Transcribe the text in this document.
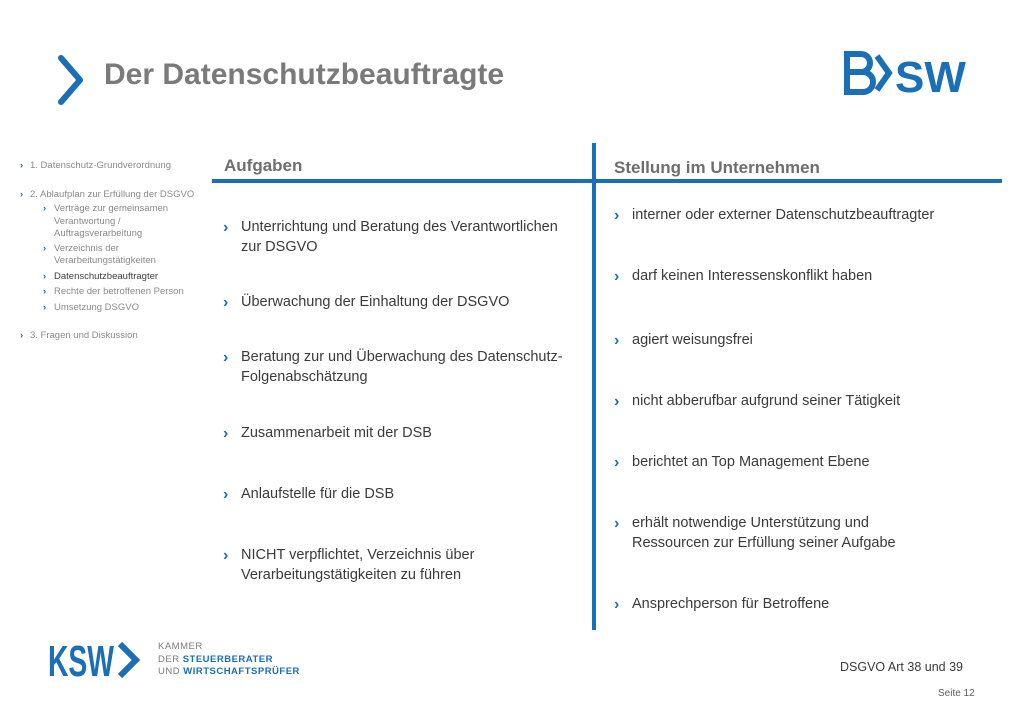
Der Datenschutzbeauftragte	SW
› 1. Datenschutz-Grundverordnung
› 2. Ablaufplan zur Erfüllung der DSGVO
› Verträge zur gemeinsamen Verantwortung / Auftragsverarbeitung
› Verzeichnis der Verarbeitungstätigkeiten
› Datenschutzbeauftragter
› Rechte der betroffenen Person
› Umsetzung DSGVO
› 3. Fragen und Diskussion
Aufgaben	Stellung im Unternehmen
› Unterrichtung und Beratung des Verantwortlichen zur DSGVO
› Überwachung der Einhaltung der DSGVO
› Beratung zur und Überwachung des Datenschutz-Folgenabschätzung
› Zusammenarbeit mit der DSB
› Anlaufstelle für die DSB
› NICHT verpflichtet, Verzeichnis über Verarbeitungstätigkeiten zu führen
› interner oder externer Datenschutzbeauftragter
› darf keinen Interessenskonflikt haben
› agiert weisungsfrei
› nicht abberufbar aufgrund seiner Tätigkeit
› berichtet an Top Management Ebene
› erhält notwendige Unterstützung und Ressourcen zur Erfüllung seiner Aufgabe
› Ansprechperson für Betroffene
KSW	KAMMER
DER STEUERBERATER
UND WIRTSCHAFTSPRÜFER	DSGVO Art 38 und 39
Seite 12
